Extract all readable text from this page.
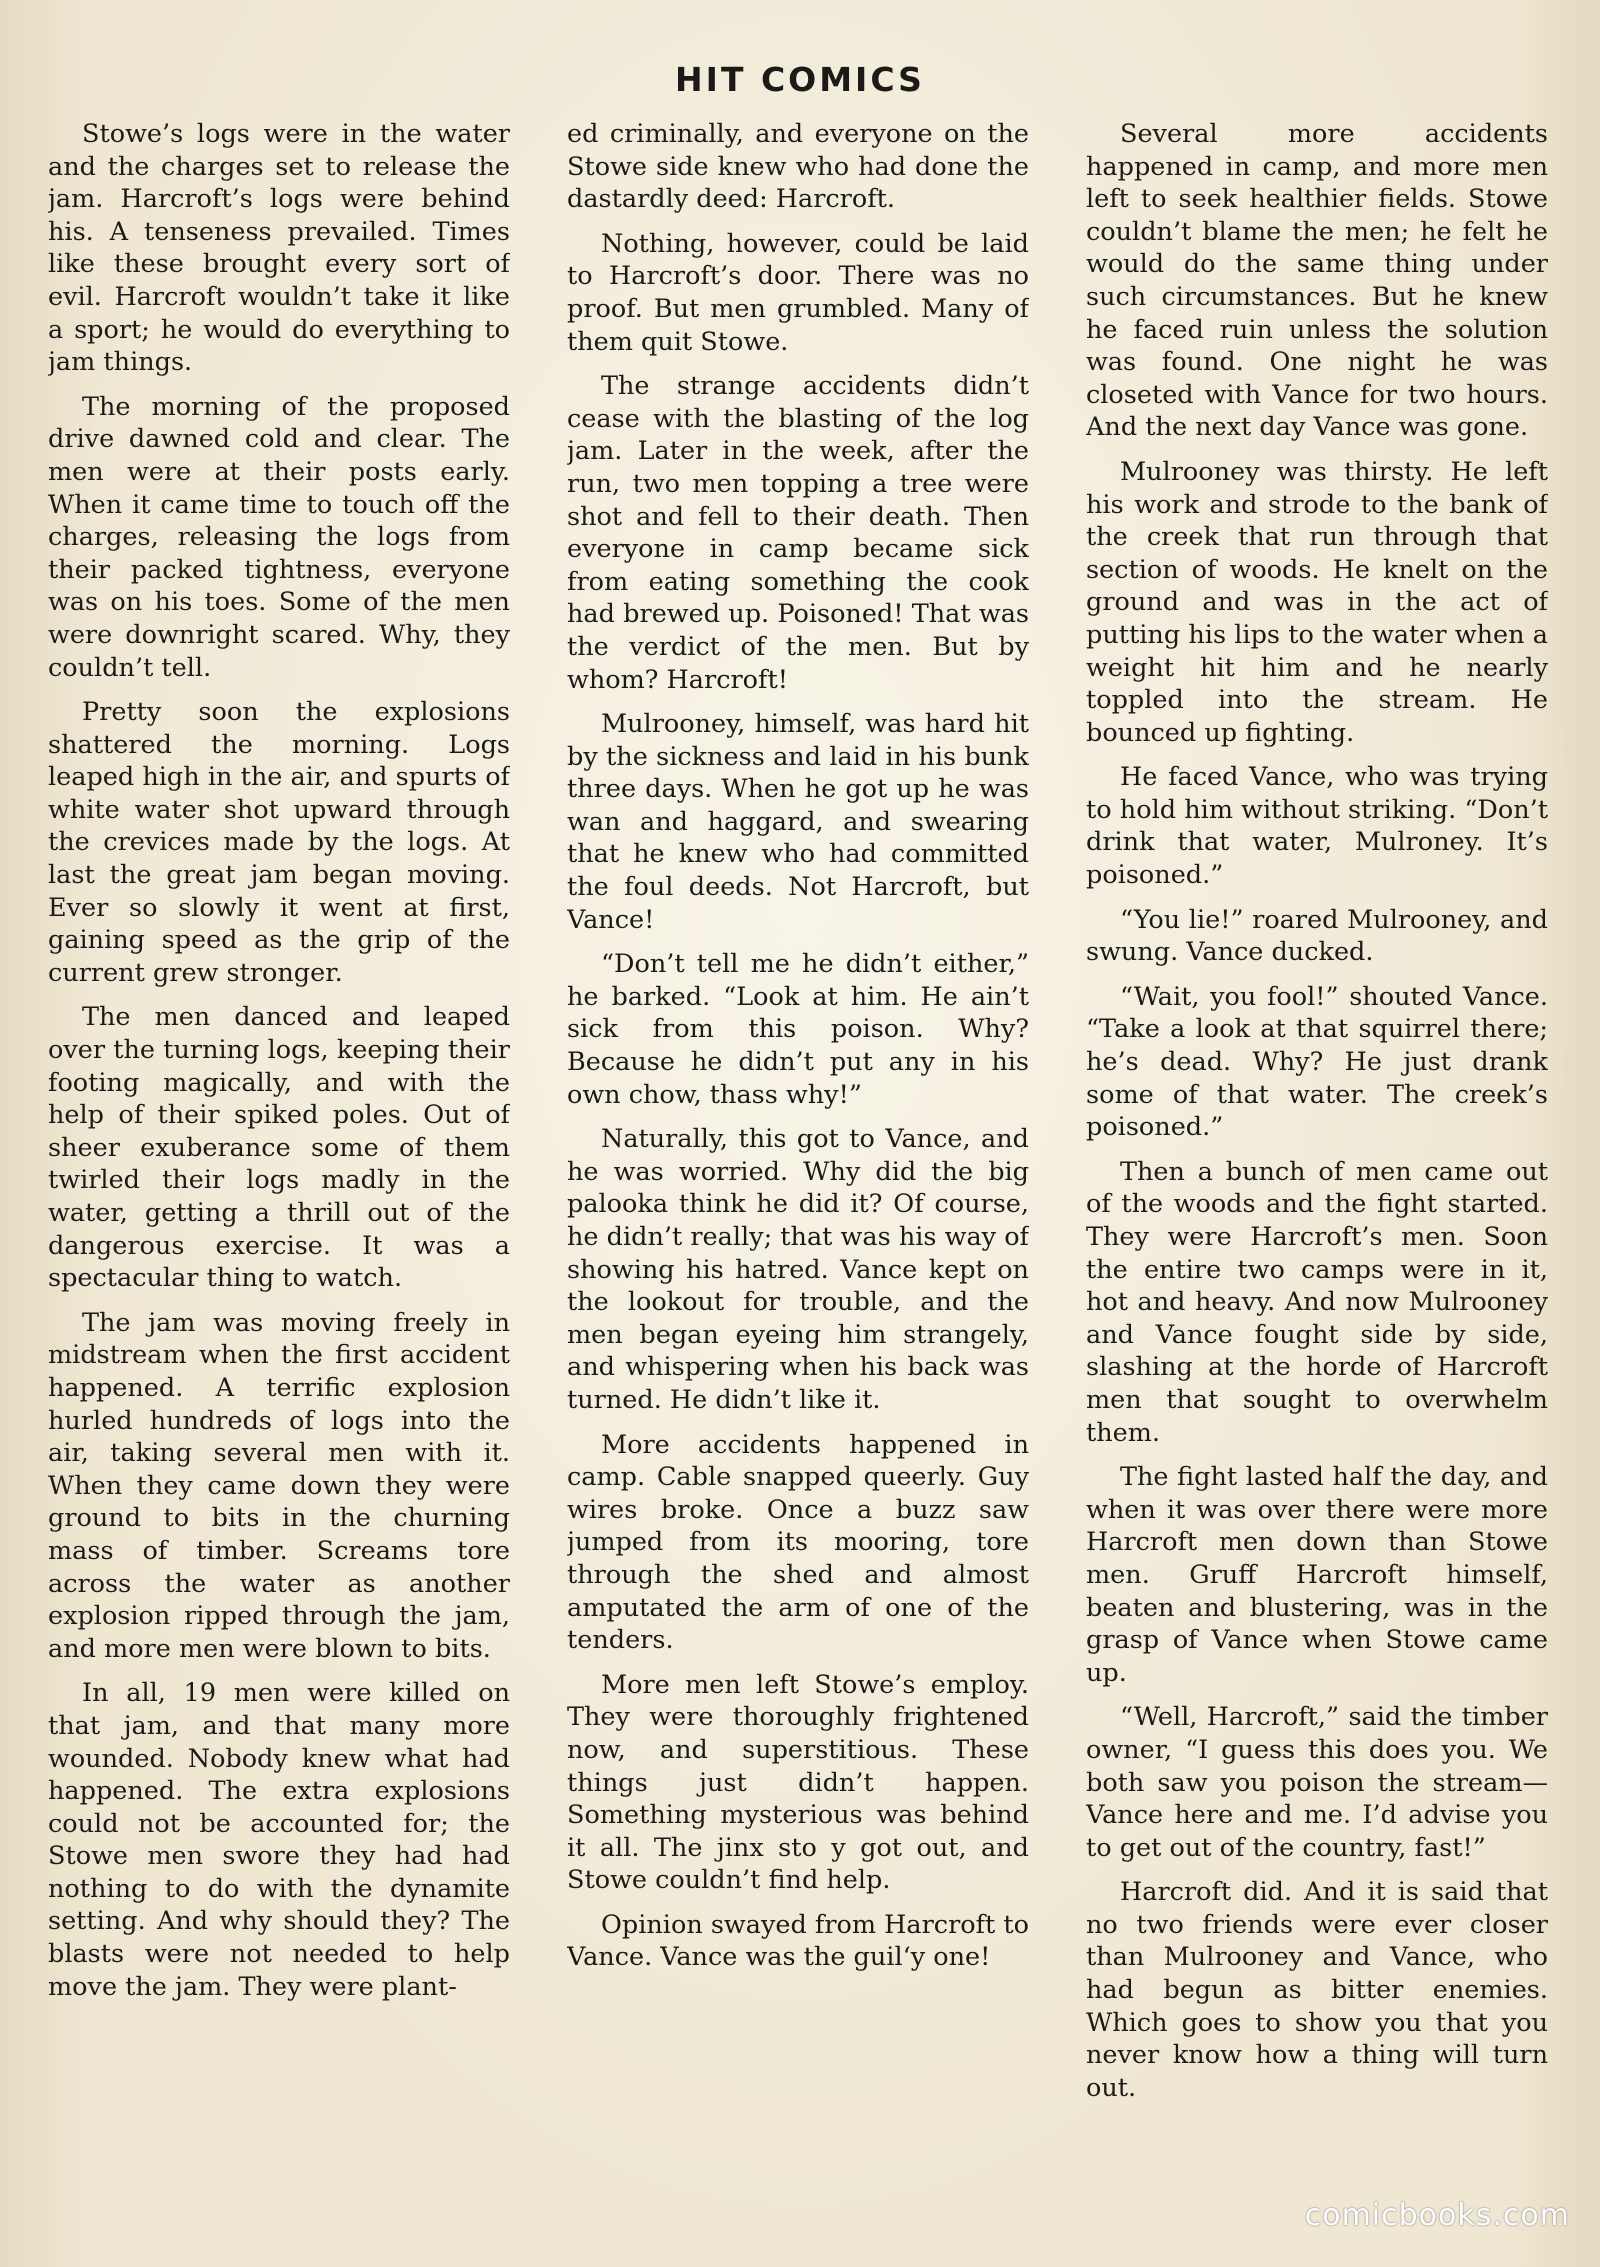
HIT COMICS

Stowe’s logs were in the water and the charges set to release the jam. Harcroft’s logs were behind his. A tenseness prevailed. Times like these brought every sort of evil. Harcroft wouldn’t take it like a sport; he would do everything to jam things.

The morning of the proposed drive dawned cold and clear. The men were at their posts early. When it came time to touch off the charges, releasing the logs from their packed tightness, everyone was on his toes. Some of the men were downright scared. Why, they couldn’t tell.

Pretty soon the explosions shattered the morning. Logs leaped high in the air, and spurts of white water shot upward through the crevices made by the logs. At last the great jam began moving. Ever so slowly it went at first, gaining speed as the grip of the current grew stronger.

The men danced and leaped over the turning logs, keeping their footing magically, and with the help of their spiked poles. Out of sheer exuberance some of them twirled their logs madly in the water, getting a thrill out of the dangerous exercise. It was a spectacular thing to watch.

The jam was moving freely in midstream when the first accident happened. A terrific explosion hurled hundreds of logs into the air, taking several men with it. When they came down they were ground to bits in the churning mass of timber. Screams tore across the water as another explosion ripped through the jam, and more men were blown to bits.

In all, 19 men were killed on that jam, and that many more wounded. Nobody knew what had happened. The extra explosions could not be accounted for; the Stowe men swore they had had nothing to do with the dynamite setting. And why should they? The blasts were not needed to help move the jam. They were plant-

ed criminally, and everyone on the Stowe side knew who had done the dastardly deed: Harcroft.

Nothing, however, could be laid to Harcroft’s door. There was no proof. But men grumbled. Many of them quit Stowe.

The strange accidents didn’t cease with the blasting of the log jam. Later in the week, after the run, two men topping a tree were shot and fell to their death. Then everyone in camp became sick from eating something the cook had brewed up. Poisoned! That was the verdict of the men. But by whom? Harcroft!

Mulrooney, himself, was hard hit by the sickness and laid in his bunk three days. When he got up he was wan and haggard, and swearing that he knew who had committed the foul deeds. Not Harcroft, but Vance!

“Don’t tell me he didn’t either,” he barked. “Look at him. He ain’t sick from this poison. Why? Because he didn’t put any in his own chow, thass why!”

Naturally, this got to Vance, and he was worried. Why did the big palooka think he did it? Of course, he didn’t really; that was his way of showing his hatred. Vance kept on the lookout for trouble, and the men began eyeing him strangely, and whispering when his back was turned. He didn’t like it.

More accidents happened in camp. Cable snapped queerly. Guy wires broke. Once a buzz saw jumped from its mooring, tore through the shed and almost amputated the arm of one of the tenders.

More men left Stowe’s employ. They were thoroughly frightened now, and superstitious. These things just didn’t happen. Something mysterious was behind it all. The jinx sto y got out, and Stowe couldn’t find help.

Opinion swayed from Harcroft to Vance. Vance was the guil‘y one!

Several more accidents happened in camp, and more men left to seek healthier fields. Stowe couldn’t blame the men; he felt he would do the same thing under such circumstances. But he knew he faced ruin unless the solution was found. One night he was closeted with Vance for two hours. And the next day Vance was gone.

Mulrooney was thirsty. He left his work and strode to the bank of the creek that run through that section of woods. He knelt on the ground and was in the act of putting his lips to the water when a weight hit him and he nearly toppled into the stream. He bounced up fighting.

He faced Vance, who was trying to hold him without striking. “Don’t drink that water, Mulroney. It’s poisoned.”

“You lie!” roared Mulrooney, and swung. Vance ducked.

“Wait, you fool!” shouted Vance. “Take a look at that squirrel there; he’s dead. Why? He just drank some of that water. The creek’s poisoned.”

Then a bunch of men came out of the woods and the fight started. They were Harcroft’s men. Soon the entire two camps were in it, hot and heavy. And now Mulrooney and Vance fought side by side, slashing at the horde of Harcroft men that sought to overwhelm them.

The fight lasted half the day, and when it was over there were more Harcroft men down than Stowe men. Gruff Harcroft himself, beaten and blustering, was in the grasp of Vance when Stowe came up.

“Well, Harcroft,” said the timber owner, “I guess this does you. We both saw you poison the stream—Vance here and me. I’d advise you to get out of the country, fast!”

Harcroft did. And it is said that no two friends were ever closer than Mulrooney and Vance, who had begun as bitter enemies. Which goes to show you that you never know how a thing will turn out.

comicbooks.com
